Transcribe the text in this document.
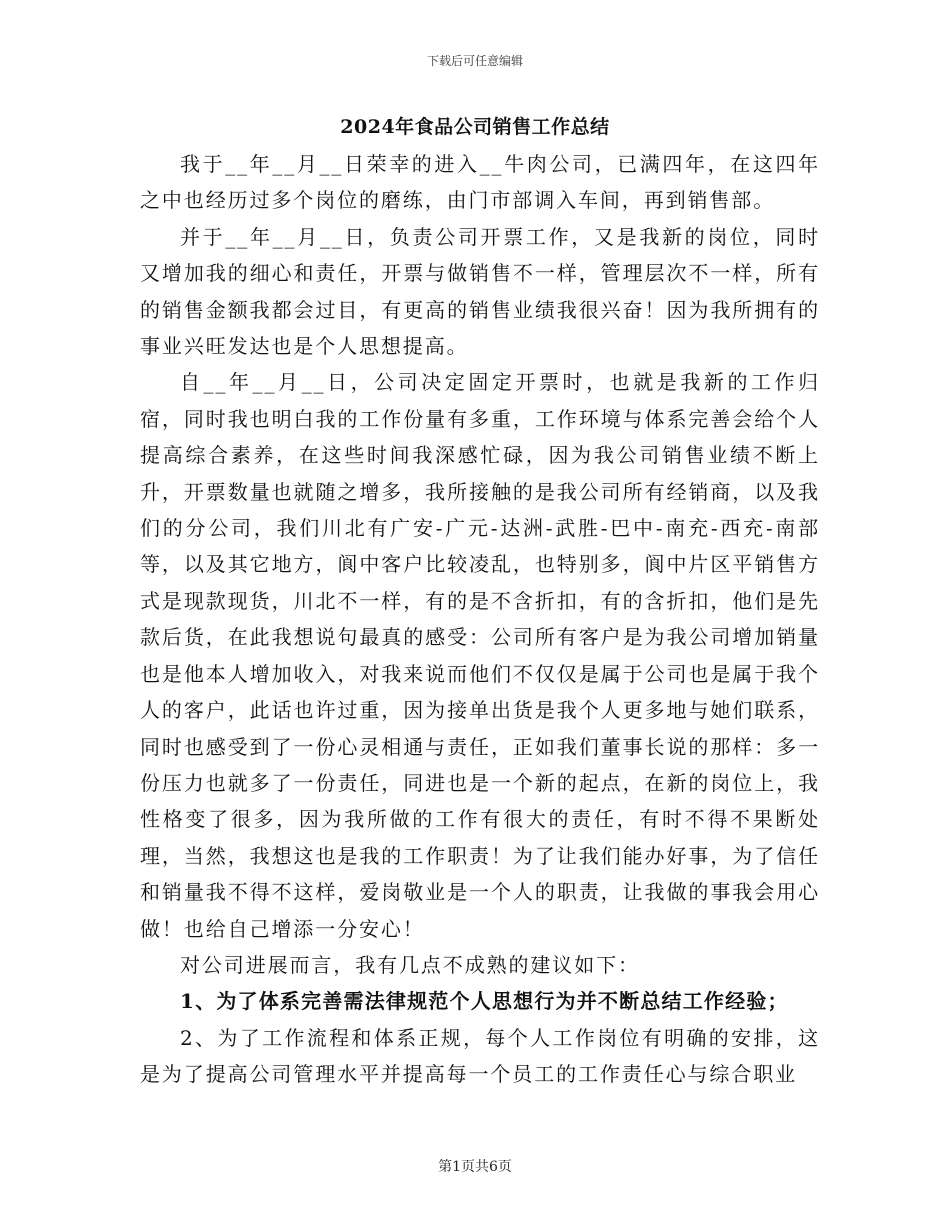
下载后可任意编辑
2024年食品公司销售工作总结

我于__年__月__日荣幸的进入__牛肉公司，已满四年，在这四年之中也经历过多个岗位的磨练，由门市部调入车间，再到销售部。

并于__年__月__日，负责公司开票工作，又是我新的岗位，同时又增加我的细心和责任，开票与做销售不一样，管理层次不一样，所有的销售金额我都会过目，有更高的销售业绩我很兴奋！因为我所拥有的事业兴旺发达也是个人思想提高。

自__年__月__日，公司决定固定开票时，也就是我新的工作归宿，同时我也明白我的工作份量有多重，工作环境与体系完善会给个人提高综合素养，在这些时间我深感忙碌，因为我公司销售业绩不断上升，开票数量也就随之增多，我所接触的是我公司所有经销商，以及我们的分公司，我们川北有广安-广元-达洲-武胜-巴中-南充-西充-南部等，以及其它地方，阆中客户比较凌乱，也特别多，阆中片区平销售方式是现款现货，川北不一样，有的是不含折扣，有的含折扣，他们是先款后货，在此我想说句最真的感受：公司所有客户是为我公司增加销量也是他本人增加收入，对我来说而他们不仅仅是属于公司也是属于我个人的客户，此话也许过重，因为接单出货是我个人更多地与她们联系，同时也感受到了一份心灵相通与责任，正如我们董事长说的那样：多一份压力也就多了一份责任，同进也是一个新的起点，在新的岗位上，我性格变了很多，因为我所做的工作有很大的责任，有时不得不果断处理，当然，我想这也是我的工作职责！为了让我们能办好事，为了信任和销量我不得不这样，爱岗敬业是一个人的职责，让我做的事我会用心做！也给自己增添一分安心！

对公司进展而言，我有几点不成熟的建议如下：

1、为了体系完善需法律规范个人思想行为并不断总结工作经验；

2、为了工作流程和体系正规，每个人工作岗位有明确的安排，这是为了提高公司管理水平并提高每一个员工的工作责任心与综合职业

第1页共6页
